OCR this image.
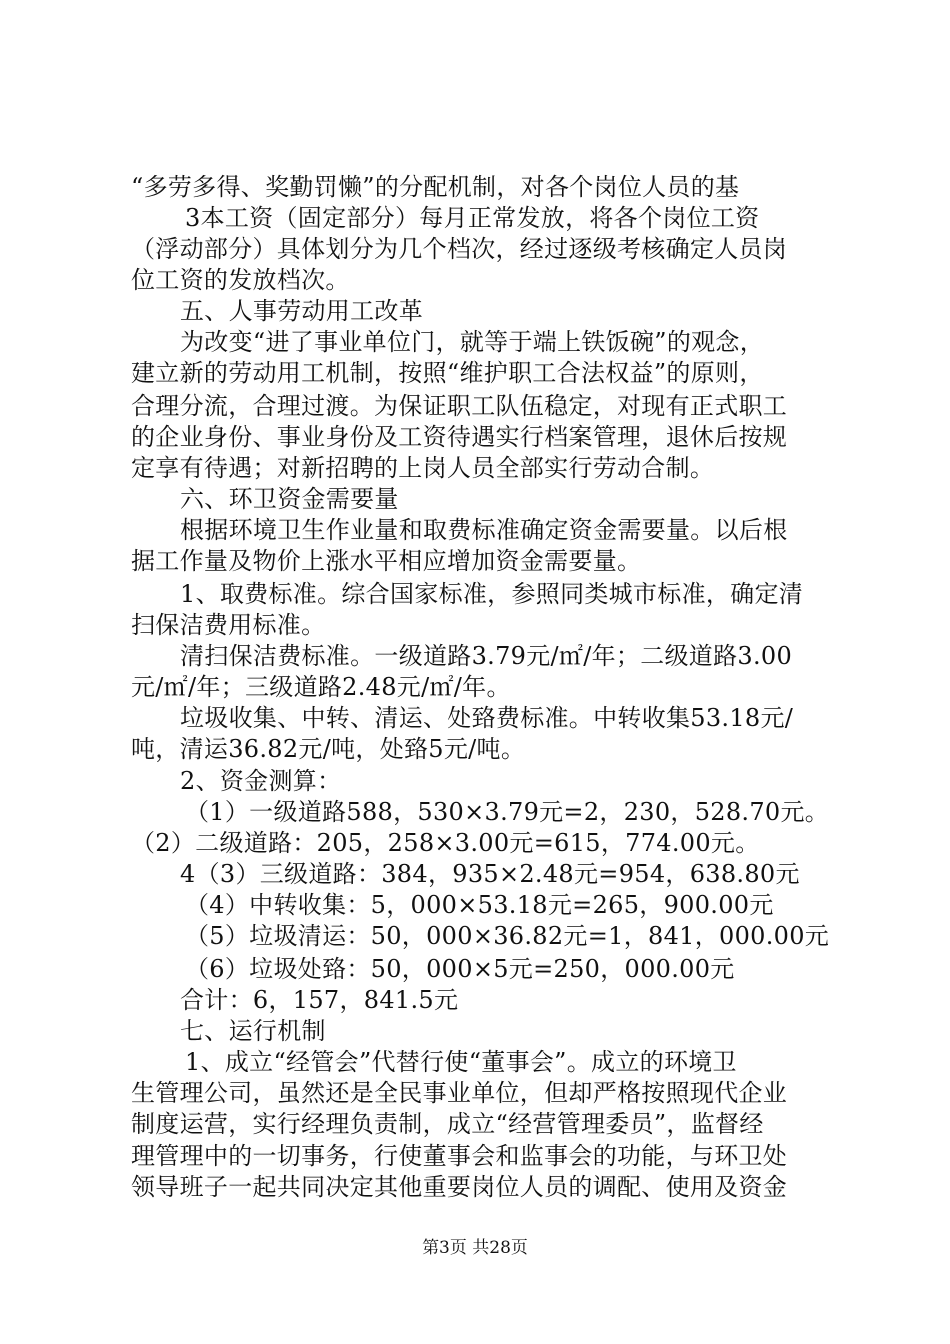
“多劳多得、奖勤罚懒”的分配机制，对各个岗位人员的基
3本工资（固定部分）每月正常发放，将各个岗位工资
（浮动部分）具体划分为几个档次，经过逐级考核确定人员岗
位工资的发放档次。
五、人事劳动用工改革
为改变“进了事业单位门，就等于端上铁饭碗”的观念，
建立新的劳动用工机制，按照“维护职工合法权益”的原则，
合理分流，合理过渡。为保证职工队伍稳定，对现有正式职工
的企业身份、事业身份及工资待遇实行档案管理，退休后按规
定享有待遇；对新招聘的上岗人员全部实行劳动合制。
六、环卫资金需要量
根据环境卫生作业量和取费标准确定资金需要量。以后根
据工作量及物价上涨水平相应增加资金需要量。
1、取费标准。综合国家标准，参照同类城市标准，确定清
扫保洁费用标准。
清扫保洁费标准。一级道路3.79元/㎡/年；二级道路3.00
元/㎡/年；三级道路2.48元/㎡/年。
垃圾收集、中转、清运、处臵费标准。中转收集53.18元/
吨，清运36.82元/吨，处臵5元/吨。
2、资金测算：
（1）一级道路588，530×3.79元=2，230，528.70元。
（2）二级道路：205，258×3.00元=615，774.00元。
4（3）三级道路：384，935×2.48元=954，638.80元
（4）中转收集：5，000×53.18元=265，900.00元
（5）垃圾清运：50，000×36.82元=1，841，000.00元
（6）垃圾处臵：50，000×5元=250，000.00元
合计：6，157，841.5元
七、运行机制
1、成立“经管会”代替行使“董事会”。成立的环境卫
生管理公司，虽然还是全民事业单位，但却严格按照现代企业
制度运营，实行经理负责制，成立“经营管理委员”，监督经
理管理中的一切事务，行使董事会和监事会的功能，与环卫处
领导班子一起共同决定其他重要岗位人员的调配、使用及资金
第3页 共28页
